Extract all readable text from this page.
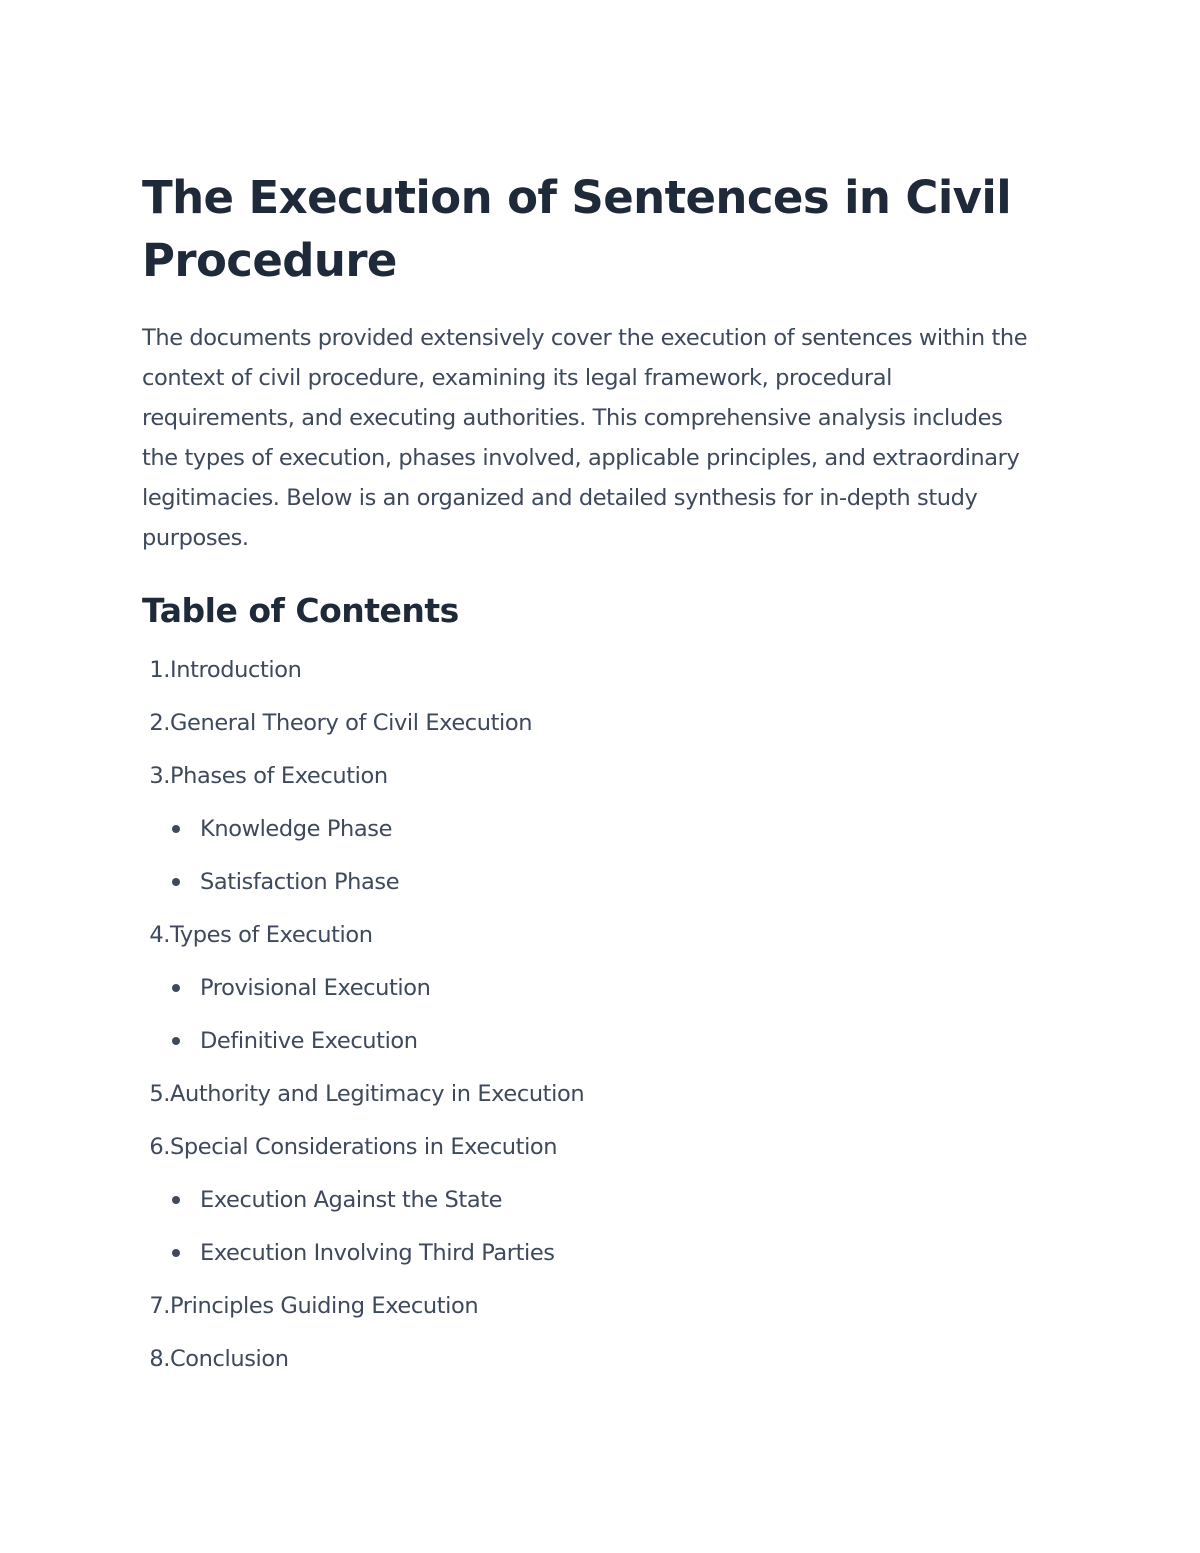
The Execution of Sentences in Civil Procedure

The documents provided extensively cover the execution of sentences within the context of civil procedure, examining its legal framework, procedural requirements, and executing authorities. This comprehensive analysis includes the types of execution, phases involved, applicable principles, and extraordinary legitimacies. Below is an organized and detailed synthesis for in-depth study purposes.

Table of Contents
1. Introduction
2. General Theory of Civil Execution
3. Phases of Execution
Knowledge Phase
Satisfaction Phase
4. Types of Execution
Provisional Execution
Definitive Execution
5. Authority and Legitimacy in Execution
6. Special Considerations in Execution
Execution Against the State
Execution Involving Third Parties
7. Principles Guiding Execution
8. Conclusion
